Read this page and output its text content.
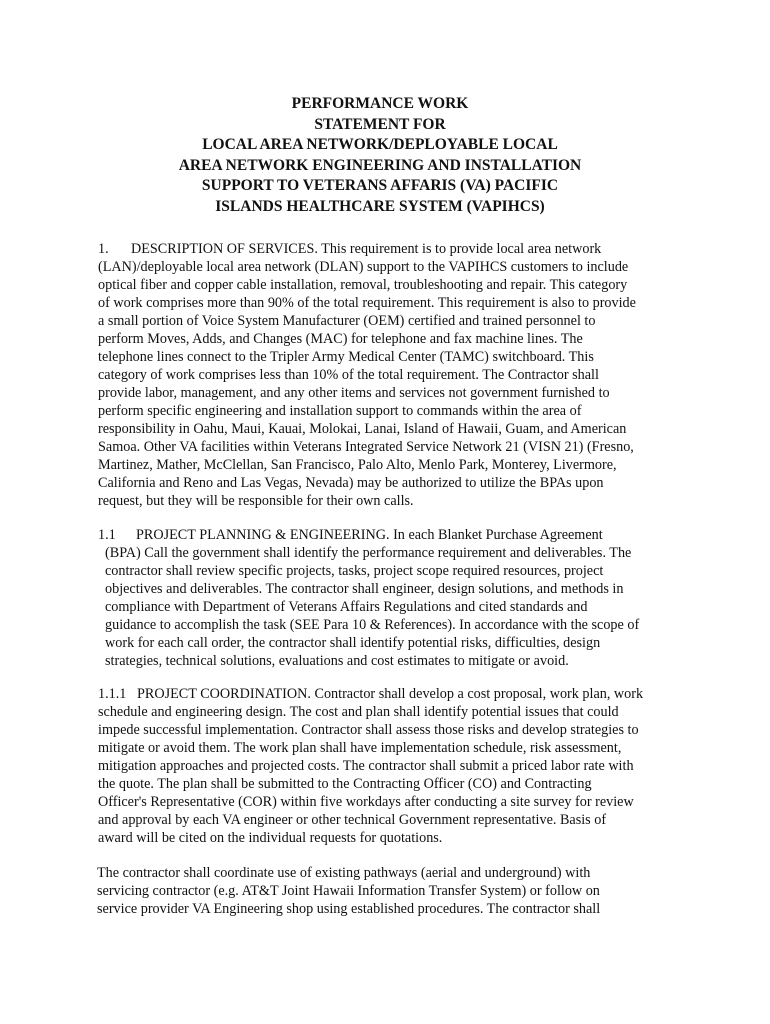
PERFORMANCE WORK
STATEMENT FOR
LOCAL AREA NETWORK/DEPLOYABLE LOCAL
AREA NETWORK ENGINEERING AND INSTALLATION
SUPPORT TO VETERANS AFFARIS (VA) PACIFIC
ISLANDS HEALTHCARE SYSTEM (VAPIHCS)
1. DESCRIPTION OF SERVICES. This requirement is to provide local area network
(LAN)/deployable local area network (DLAN) support to the VAPIHCS customers to include
optical fiber and copper cable installation, removal, troubleshooting and repair. This category
of work comprises more than 90% of the total requirement. This requirement is also to provide
a small portion of Voice System Manufacturer (OEM) certified and trained personnel to
perform Moves, Adds, and Changes (MAC) for telephone and fax machine lines. The
telephone lines connect to the Tripler Army Medical Center (TAMC) switchboard. This
category of work comprises less than 10% of the total requirement. The Contractor shall
provide labor, management, and any other items and services not government furnished to
perform specific engineering and installation support to commands within the area of
responsibility in Oahu, Maui, Kauai, Molokai, Lanai, Island of Hawaii, Guam, and American
Samoa. Other VA facilities within Veterans Integrated Service Network 21 (VISN 21) (Fresno,
Martinez, Mather, McClellan, San Francisco, Palo Alto, Menlo Park, Monterey, Livermore,
California and Reno and Las Vegas, Nevada) may be authorized to utilize the BPAs upon
request, but they will be responsible for their own calls.
1.1 PROJECT PLANNING & ENGINEERING. In each Blanket Purchase Agreement
(BPA) Call the government shall identify the performance requirement and deliverables. The
contractor shall review specific projects, tasks, project scope required resources, project
objectives and deliverables. The contractor shall engineer, design solutions, and methods in
compliance with Department of Veterans Affairs Regulations and cited standards and
guidance to accomplish the task (SEE Para 10 & References). In accordance with the scope of
work for each call order, the contractor shall identify potential risks, difficulties, design
strategies, technical solutions, evaluations and cost estimates to mitigate or avoid.
1.1.1 PROJECT COORDINATION. Contractor shall develop a cost proposal, work plan, work
schedule and engineering design. The cost and plan shall identify potential issues that could
impede successful implementation. Contractor shall assess those risks and develop strategies to
mitigate or avoid them. The work plan shall have implementation schedule, risk assessment,
mitigation approaches and projected costs. The contractor shall submit a priced labor rate with
the quote. The plan shall be submitted to the Contracting Officer (CO) and Contracting
Officer's Representative (COR) within five workdays after conducting a site survey for review
and approval by each VA engineer or other technical Government representative. Basis of
award will be cited on the individual requests for quotations.
The contractor shall coordinate use of existing pathways (aerial and underground) with
servicing contractor (e.g. AT&T Joint Hawaii Information Transfer System) or follow on
service provider VA Engineering shop using established procedures. The contractor shall
